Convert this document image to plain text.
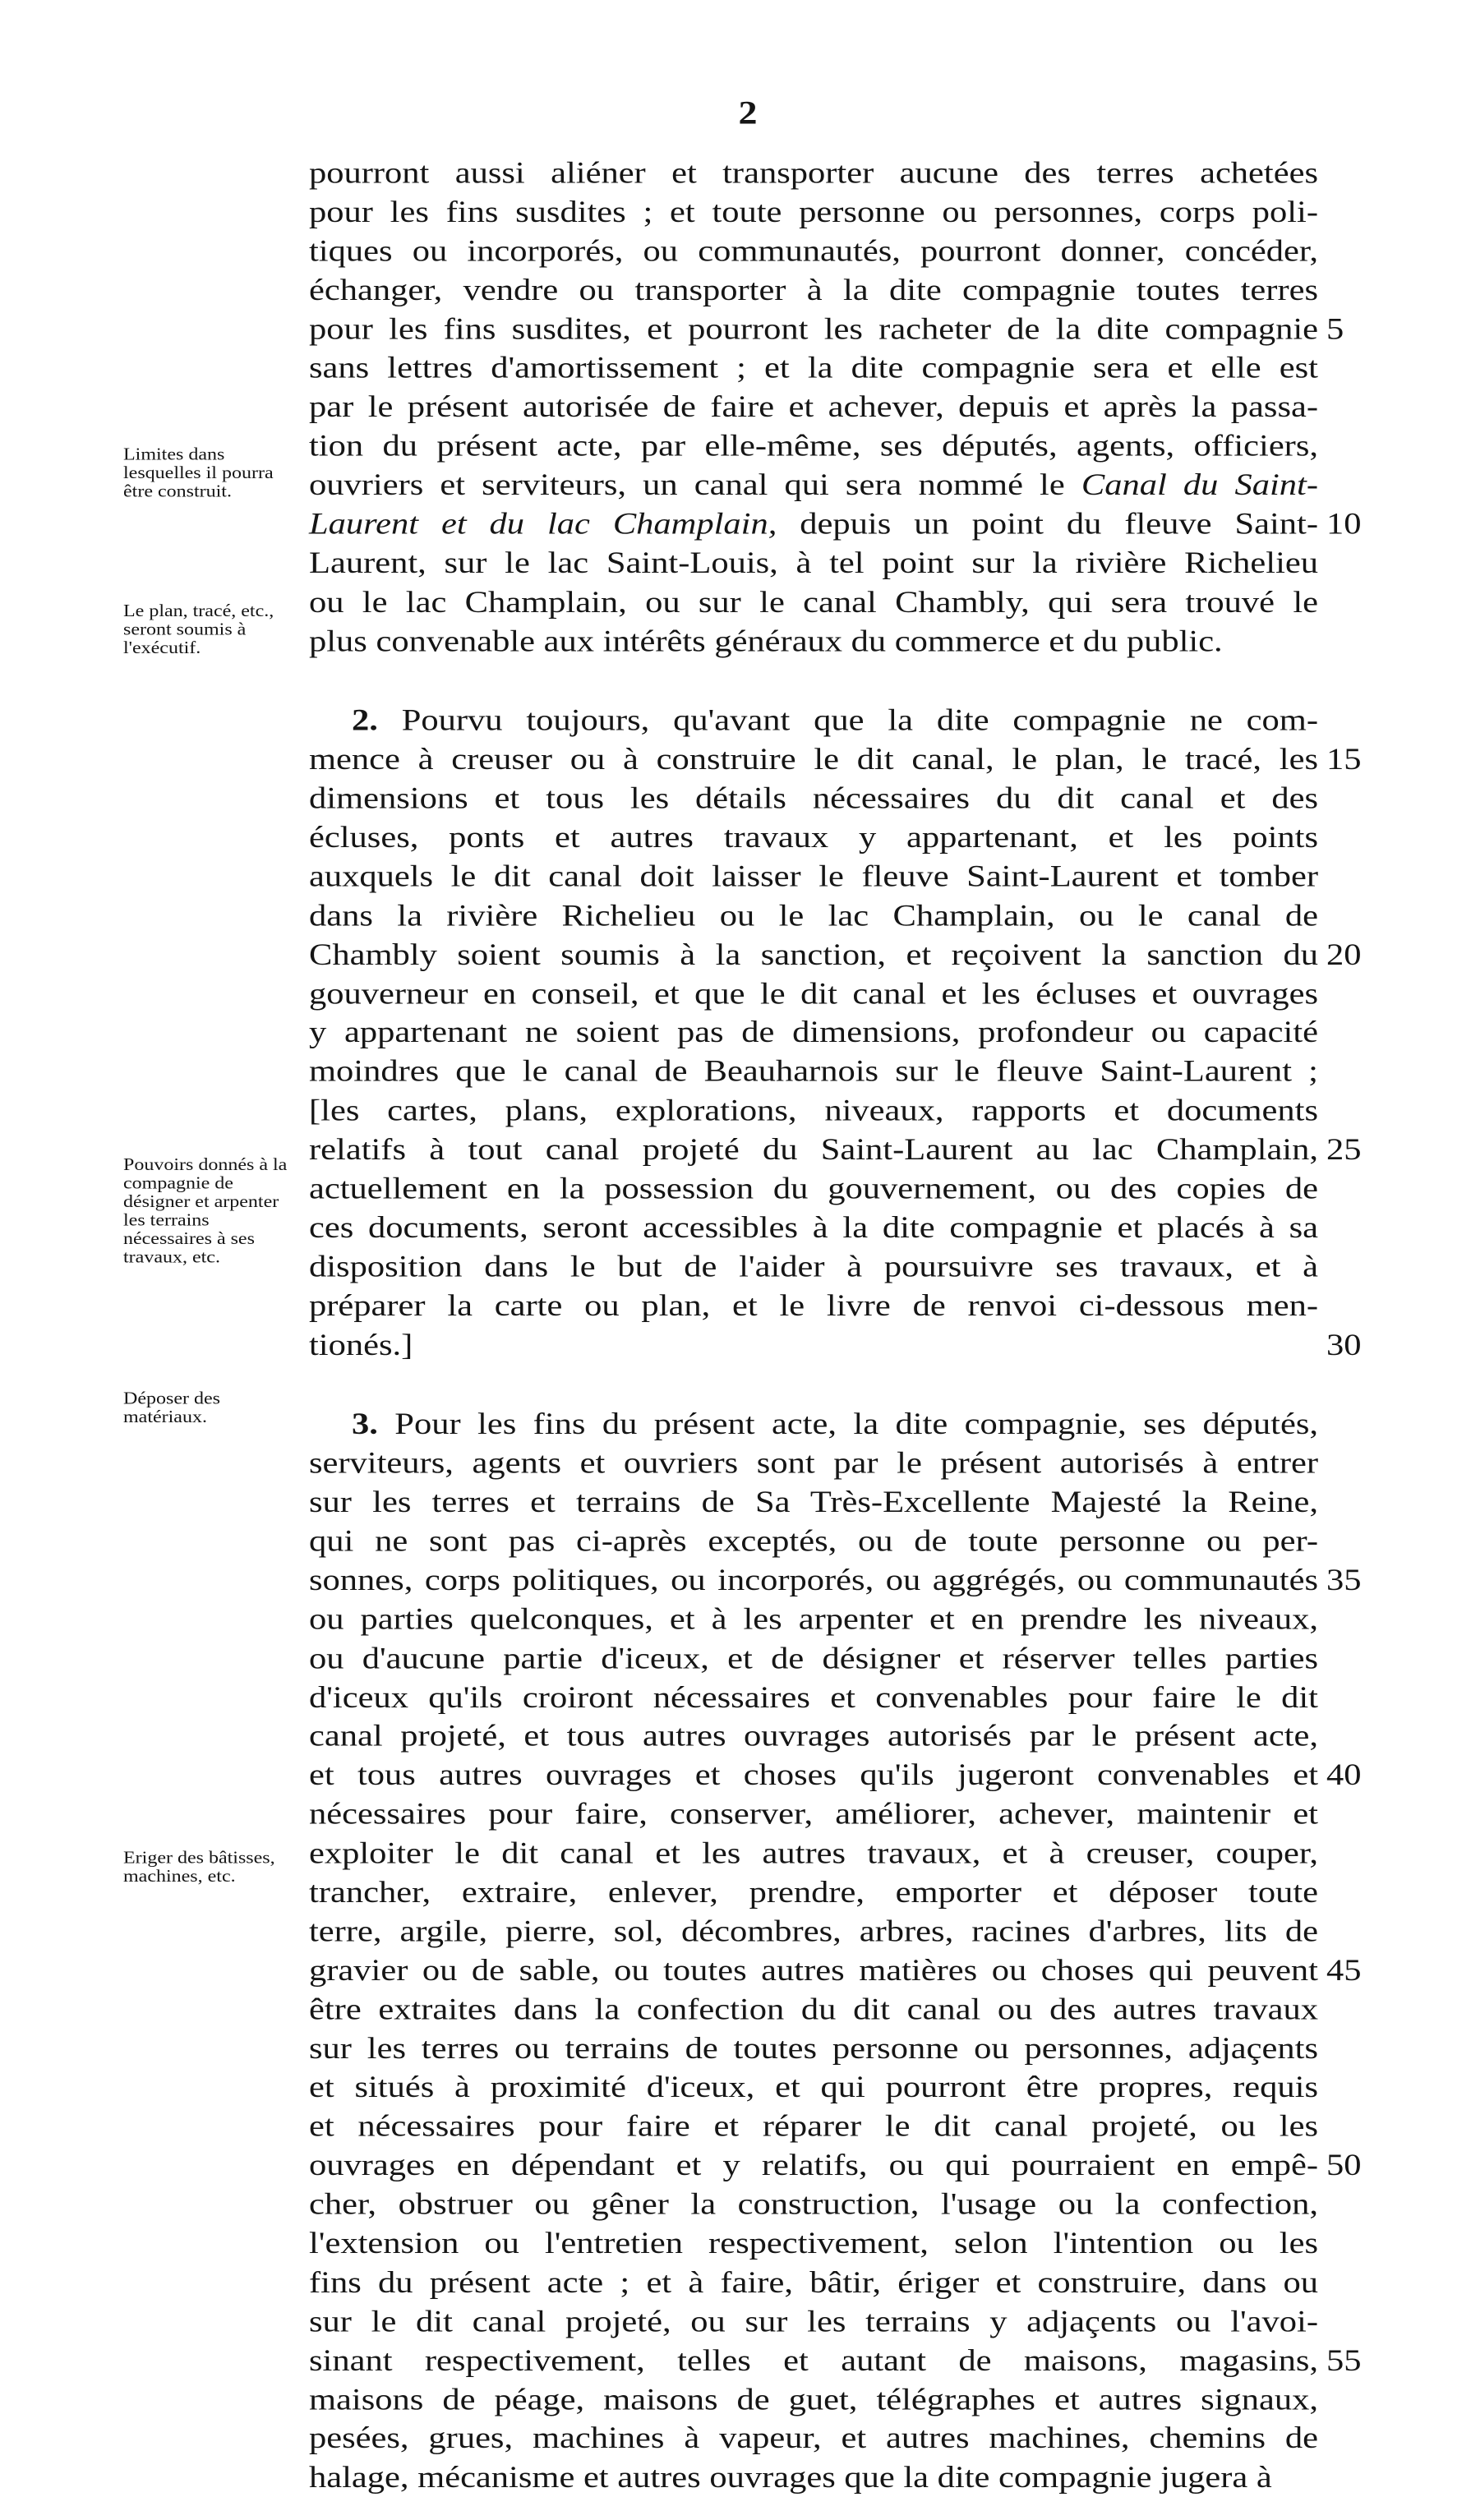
2
Limites dans lesquelles il pourra être construit.
Le plan, tracé, etc., seront soumis à l'exécutif.
Pouvoirs donnés à la compagnie de désigner et arpenter les terrains nécessaires à ses travaux, etc.
Déposer des matériaux.
Eriger des bâtisses, machines, etc.
pourront aussi aliéner et transporter aucune des terres achetées
pour les fins susdites ; et toute personne ou personnes, corps poli-
tiques ou incorporés, ou communautés, pourront donner, concéder,
échanger, vendre ou transporter à la dite compagnie toutes terres
pour les fins susdites, et pourront les racheter de la dite compagnie 5
sans lettres d'amortissement ; et la dite compagnie sera et elle est
par le présent autorisée de faire et achever, depuis et après la passa-
tion du présent acte, par elle-même, ses députés, agents, officiers,
ouvriers et serviteurs, un canal qui sera nommé le Canal du Saint-
Laurent et du lac Champlain, depuis un point du fleuve Saint- 10
Laurent, sur le lac Saint-Louis, à tel point sur la rivière Richelieu
ou le lac Champlain, ou sur le canal Chambly, qui sera trouvé le
plus convenable aux intérêts généraux du commerce et du public.
2. Pourvu toujours, qu'avant que la dite compagnie ne com-
mence à creuser ou à construire le dit canal, le plan, le tracé, les 15
dimensions et tous les détails nécessaires du dit canal et des
écluses, ponts et autres travaux y appartenant, et les points
auxquels le dit canal doit laisser le fleuve Saint-Laurent et tomber
dans la rivière Richelieu ou le lac Champlain, ou le canal de
Chambly soient soumis à la sanction, et reçoivent la sanction du 20
gouverneur en conseil, et que le dit canal et les écluses et ouvrages
y appartenant ne soient pas de dimensions, profondeur ou capacité
moindres que le canal de Beauharnois sur le fleuve Saint-Laurent ;
[les cartes, plans, explorations, niveaux, rapports et documents
relatifs à tout canal projeté du Saint-Laurent au lac Champlain, 25
actuellement en la possession du gouvernement, ou des copies de
ces documents, seront accessibles à la dite compagnie et placés à sa
disposition dans le but de l'aider à poursuivre ses travaux, et à
préparer la carte ou plan, et le livre de renvoi ci-dessous men-
tionés.]	30
3. Pour les fins du présent acte, la dite compagnie, ses députés,
serviteurs, agents et ouvriers sont par le présent autorisés à entrer
sur les terres et terrains de Sa Très-Excellente Majesté la Reine,
qui ne sont pas ci-après exceptés, ou de toute personne ou per-
sonnes, corps politiques, ou incorporés, ou aggrégés, ou communautés 35
ou parties quelconques, et à les arpenter et en prendre les niveaux,
ou d'aucune partie d'iceux, et de désigner et réserver telles parties
d'iceux qu'ils croiront nécessaires et convenables pour faire le dit
canal projeté, et tous autres ouvrages autorisés par le présent acte,
et tous autres ouvrages et choses qu'ils jugeront convenables et 40
nécessaires pour faire, conserver, améliorer, achever, maintenir et
exploiter le dit canal et les autres travaux, et à creuser, couper,
trancher, extraire, enlever, prendre, emporter et déposer toute
terre, argile, pierre, sol, décombres, arbres, racines d'arbres, lits de
gravier ou de sable, ou toutes autres matières ou choses qui peuvent 45
être extraites dans la confection du dit canal ou des autres travaux
sur les terres ou terrains de toutes personne ou personnes, adjaçents
et situés à proximité d'iceux, et qui pourront être propres, requis
et nécessaires pour faire et réparer le dit canal projeté, ou les
ouvrages en dépendant et y relatifs, ou qui pourraient en empê- 50
cher, obstruer ou gêner la construction, l'usage ou la confection,
l'extension ou l'entretien respectivement, selon l'intention ou les
fins du présent acte ; et à faire, bâtir, ériger et construire, dans ou
sur le dit canal projeté, ou sur les terrains y adjaçents ou l'avoi-
sinant respectivement, telles et autant de maisons, magasins, 55
maisons de péage, maisons de guet, télégraphes et autres signaux,
pesées, grues, machines à vapeur, et autres machines, chemins de
halage, mécanisme et autres ouvrages que la dite compagnie jugera à
